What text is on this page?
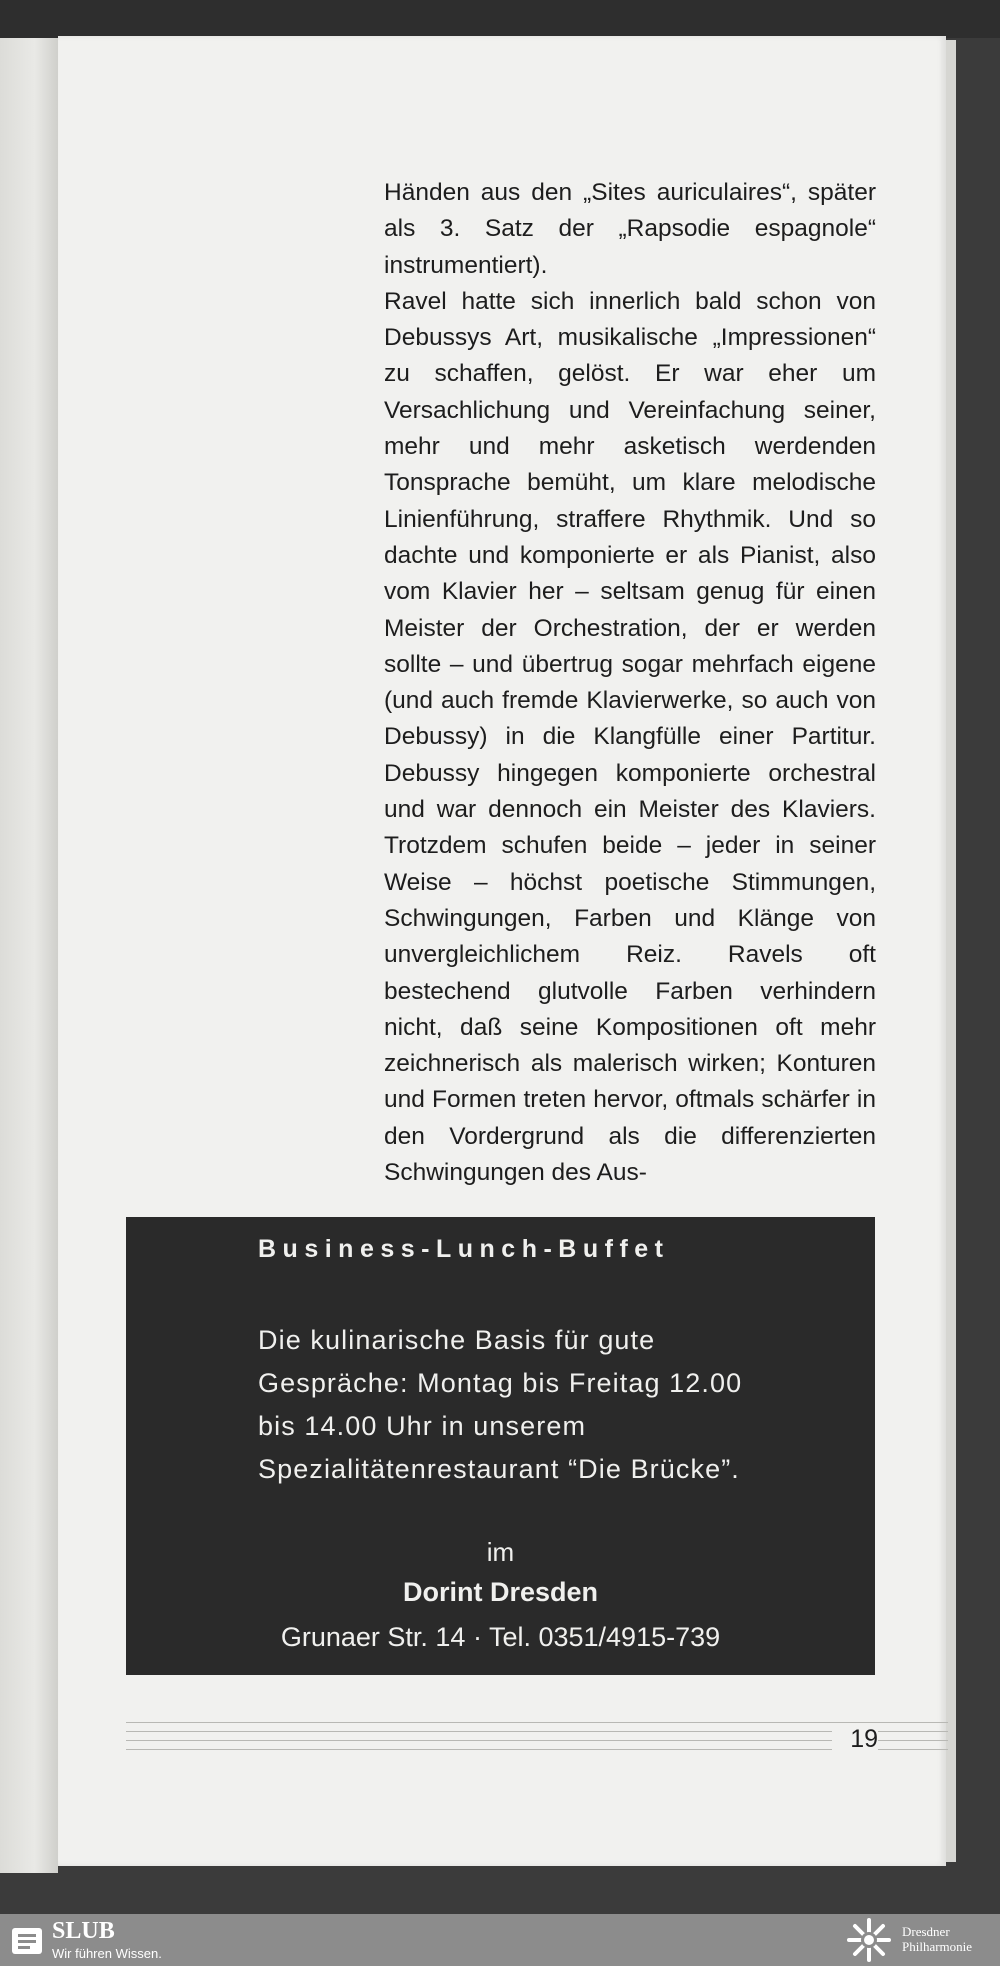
Händen aus den „Sites auriculaires“, später als 3. Satz der „Rapsodie espagnole“ instrumentiert).

Ravel hatte sich innerlich bald schon von Debussys Art, musikalische „Impressionen“ zu schaffen, gelöst. Er war eher um Versachlichung und Vereinfachung seiner, mehr und mehr asketisch werdenden Tonsprache bemüht, um klare melodische Linienführung, straffere Rhythmik. Und so dachte und komponierte er als Pianist, also vom Klavier her – seltsam genug für einen Meister der Orchestration, der er werden sollte – und übertrug sogar mehrfach eigene (und auch fremde Klavierwerke, so auch von Debussy) in die Klangfülle einer Partitur. Debussy hingegen komponierte orchestral und war dennoch ein Meister des Klaviers. Trotzdem schufen beide – jeder in seiner Weise – höchst poetische Stimmungen, Schwingungen, Farben und Klänge von unvergleichlichem Reiz. Ravels oft bestechend glutvolle Farben verhindern nicht, daß seine Kompositionen oft mehr zeichnerisch als malerisch wirken; Konturen und Formen treten hervor, oftmals schärfer in den Vordergrund als die differenzierten Schwingungen des Aus-

Business-Lunch-Buffet
Die kulinarische Basis für gute Gespräche: Montag bis Freitag 12.00 bis 14.00 Uhr in unserem Spezialitätenrestaurant “Die Brücke”.
im
Dorint Dresden
Grunaer Str. 14 · Tel. 0351/4915-739
19
SLUB
Wir führen Wissen.
Dresdner
Philharmonie
